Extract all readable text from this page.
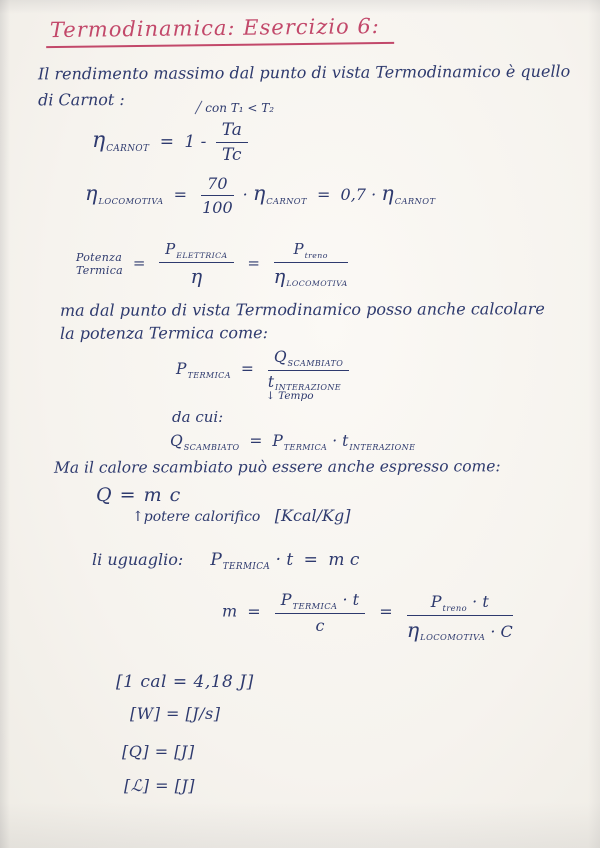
Termodinamica: Esercizio 6:
Il rendimento massimo dal punto di vista Termodinamico è quello
di Carnot :	con T₁ < T₂
$\eta_{CARNOT} = 1 - \frac{Ta}{Tc}$
$\eta_{LOCOMOTIVA} = \frac{70}{100} \cdot \eta_{CARNOT} = 0,7 \cdot \eta_{CARNOT}$
Potenza
Termica = $\frac{P_{ELETTRICA}}{\eta} = \frac{P_{treno}}{\eta_{LOCOMOTIVA}}$
ma dal punto di vista Termodinamico posso anche calcolare
la potenza Termica come:
$P_{TERMICA} = \frac{Q_{SCAMBIATO}}{t_{INTERAZIONE}}$
↓ Tempo
da cui:
$Q_{SCAMBIATO} = P_{TERMICA} \cdot t_{INTERAZIONE}$
Ma il calore scambiato può essere anche espresso come:
Q = m c
↑potere calorifico [Kcal/Kg]
li uguaglio: $P_{TERMICA} \cdot t = m$ c
$m = \frac{P_{TERMICA} \cdot t}{c} = \frac{P_{treno} \cdot t}{\eta_{LOCOMOTIVA} \cdot C}$
[1 cal = 4,18 J]
[W] = [J/s]
[Q] = [J]
[ℒ] = [J]
